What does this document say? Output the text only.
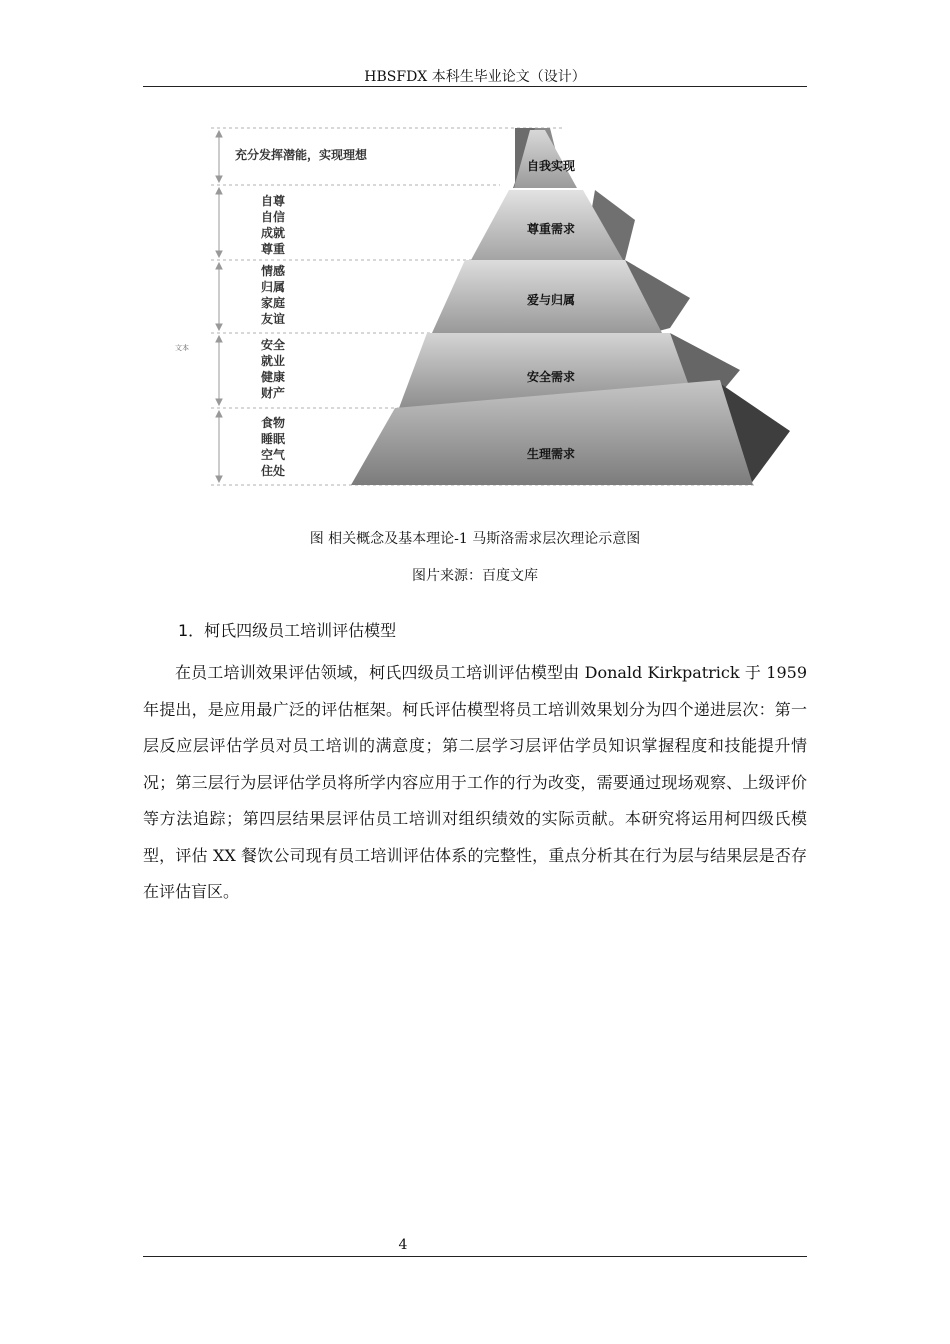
HBSFDX 本科生毕业论文（设计）
充分发挥潜能，实现理想
自尊
自信
成就
尊重
情感
归属
家庭
友谊
安全
就业
健康
财产
食物
睡眠
空气
住处
自我实现
尊重需求
爱与归属
安全需求
生理需求
文本
图 相关概念及基本理论-1 马斯洛需求层次理论示意图
图片来源：百度文库
1．柯氏四级员工培训评估模型

在员工培训效果评估领域，柯氏四级员工培训评估模型由 Donald Kirkpatrick 于 1959 年提出，是应用最广泛的评估框架。柯氏评估模型将员工培训效果划分为四个递进层次：第一层反应层评估学员对员工培训的满意度；第二层学习层评估学员知识掌握程度和技能提升情况；第三层行为层评估学员将所学内容应用于工作的行为改变，需要通过现场观察、上级评价等方法追踪；第四层结果层评估员工培训对组织绩效的实际贡献。本研究将运用柯四级氏模型，评估 XX 餐饮公司现有员工培训评估体系的完整性，重点分析其在行为层与结果层是否存在评估盲区。

4
